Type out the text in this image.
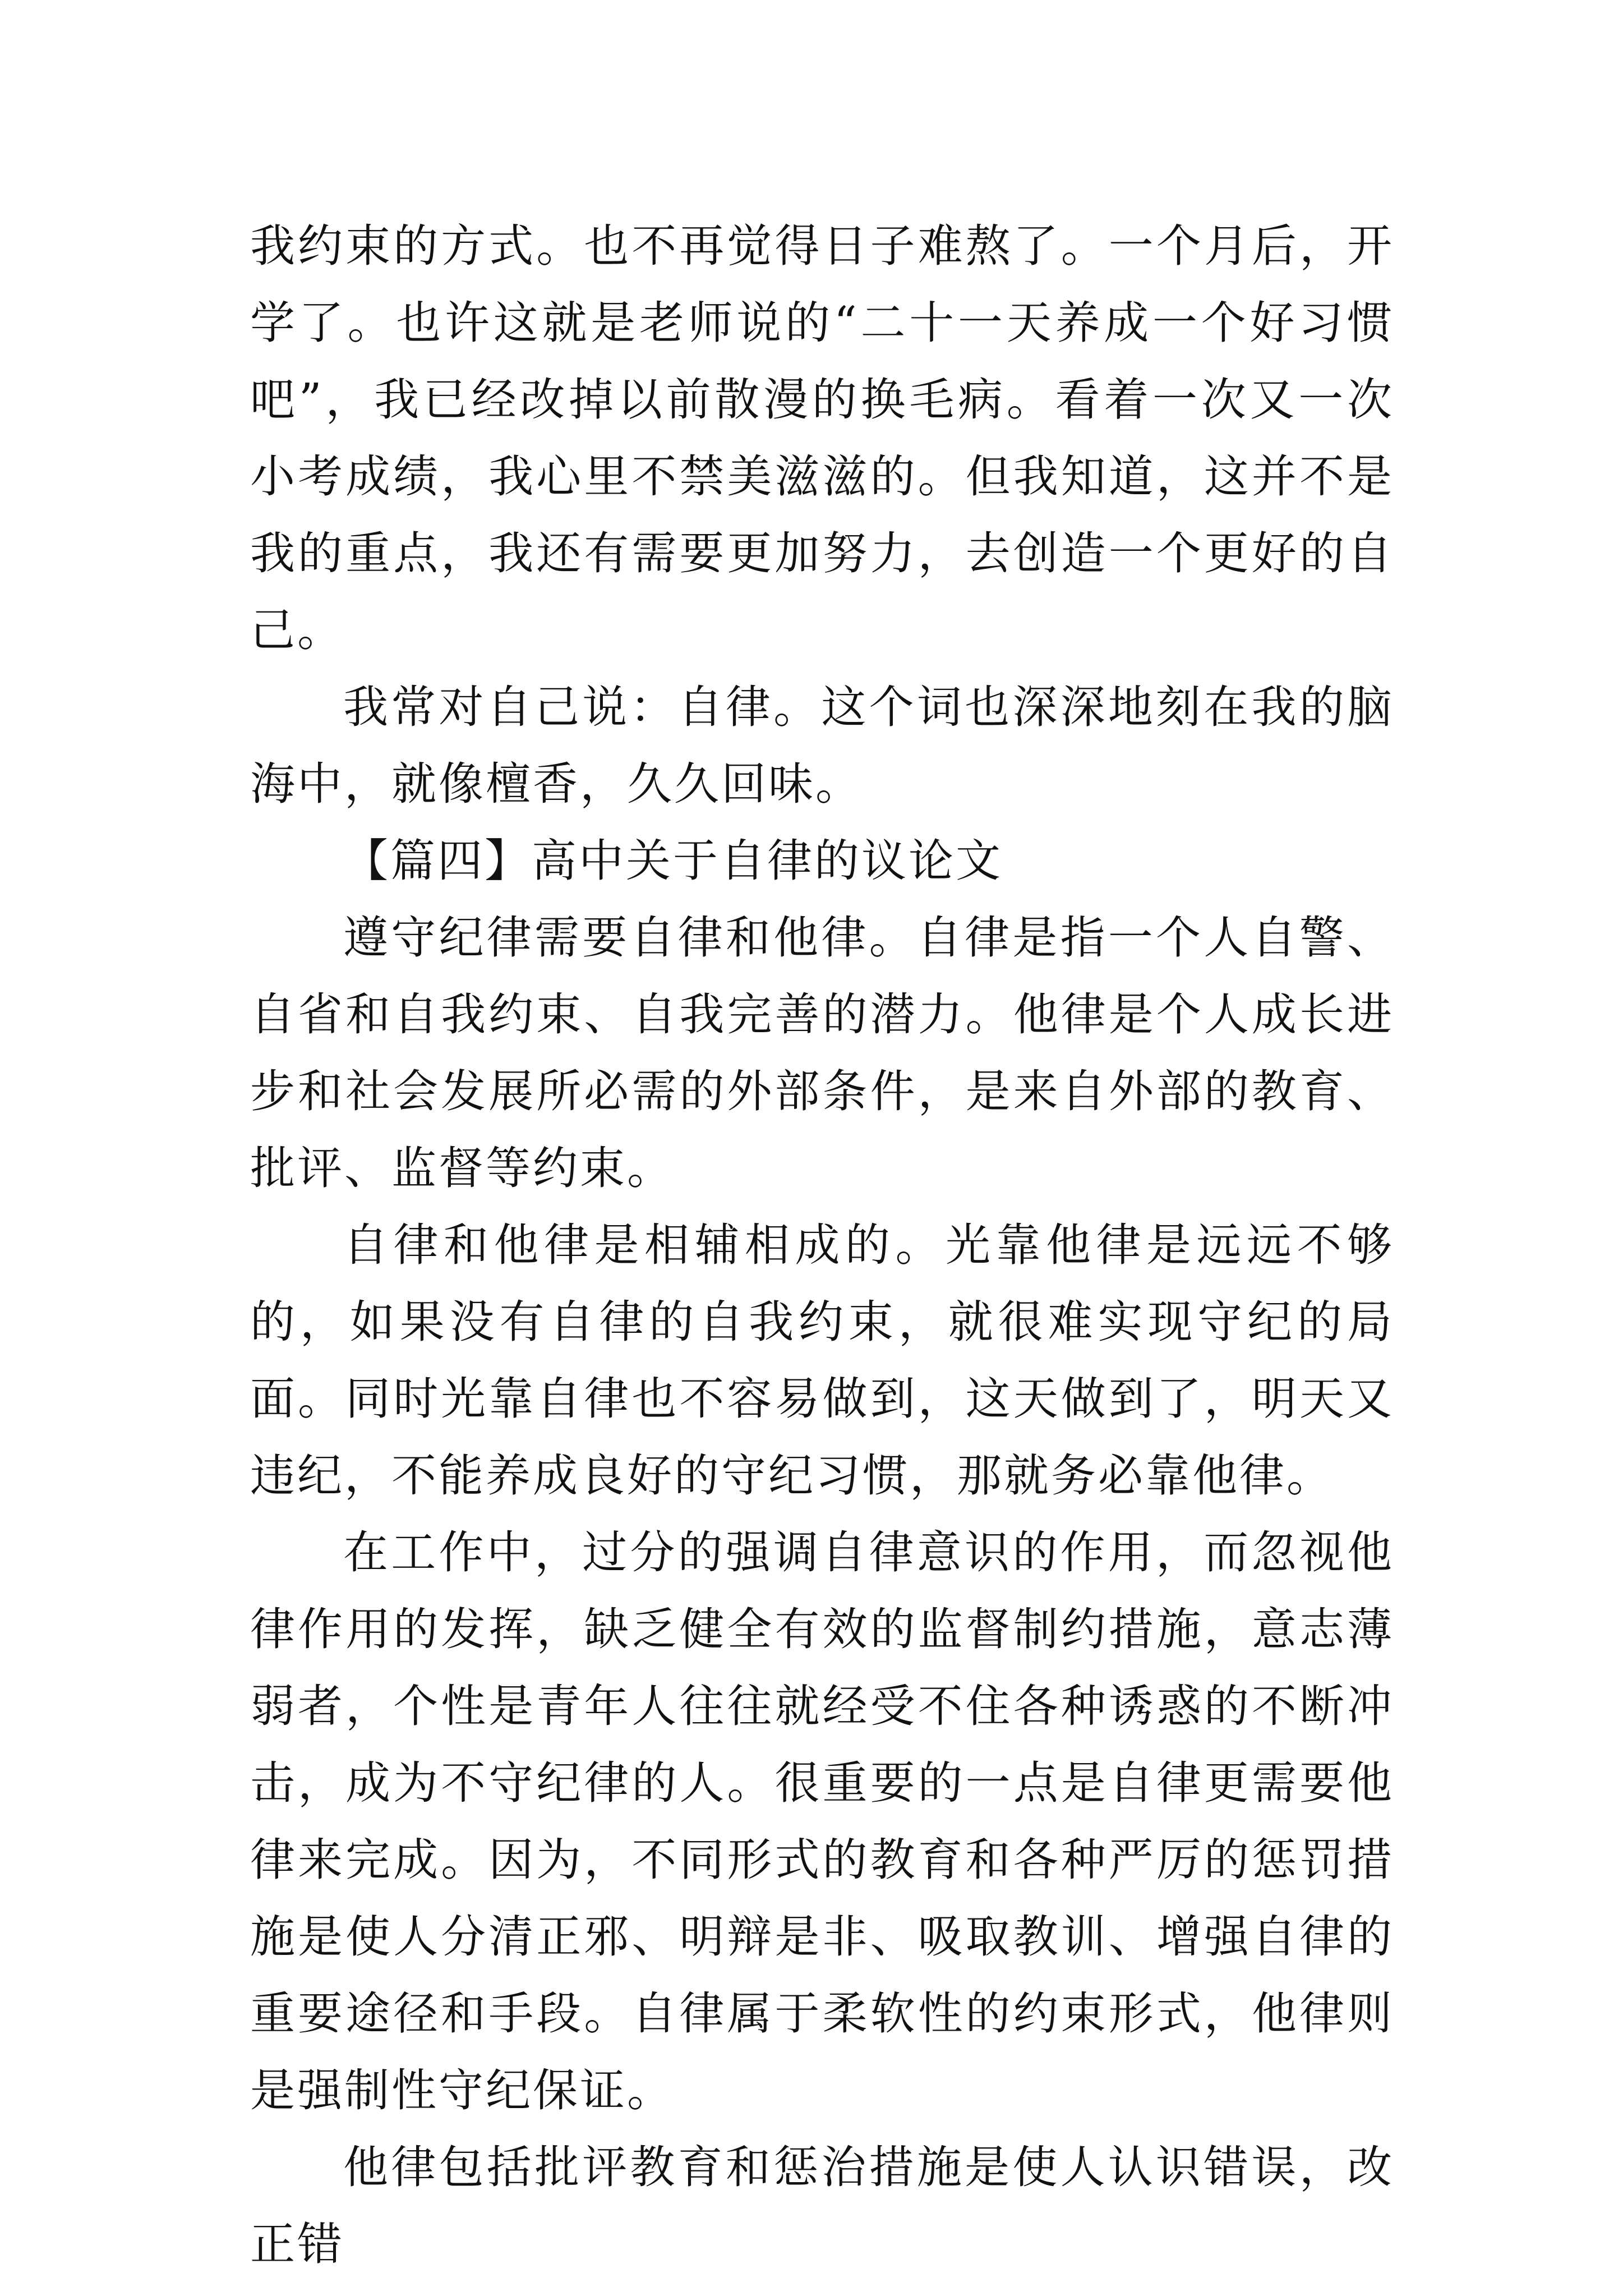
我约束的方式。也不再觉得日子难熬了。一个月后，开学了。也许这就是老师说的“二十一天养成一个好习惯吧”，我已经改掉以前散漫的换毛病。看着一次又一次小考成绩，我心里不禁美滋滋的。但我知道，这并不是我的重点，我还有需要更加努力，去创造一个更好的自己。

我常对自己说：自律。这个词也深深地刻在我的脑海中，就像檀香，久久回味。

【篇四】高中关于自律的议论文

遵守纪律需要自律和他律。自律是指一个人自警、自省和自我约束、自我完善的潜力。他律是个人成长进步和社会发展所必需的外部条件，是来自外部的教育、批评、监督等约束。

自律和他律是相辅相成的。光靠他律是远远不够的，如果没有自律的自我约束，就很难实现守纪的局面。同时光靠自律也不容易做到，这天做到了，明天又违纪，不能养成良好的守纪习惯，那就务必靠他律。

在工作中，过分的强调自律意识的作用，而忽视他律作用的发挥，缺乏健全有效的监督制约措施，意志薄弱者，个性是青年人往往就经受不住各种诱惑的不断冲击，成为不守纪律的人。很重要的一点是自律更需要他律来完成。因为，不同形式的教育和各种严厉的惩罚措施是使人分清正邪、明辩是非、吸取教训、增强自律的重要途径和手段。自律属于柔软性的约束形式，他律则是强制性守纪保证。

他律包括批评教育和惩治措施是使人认识错误，改正错
